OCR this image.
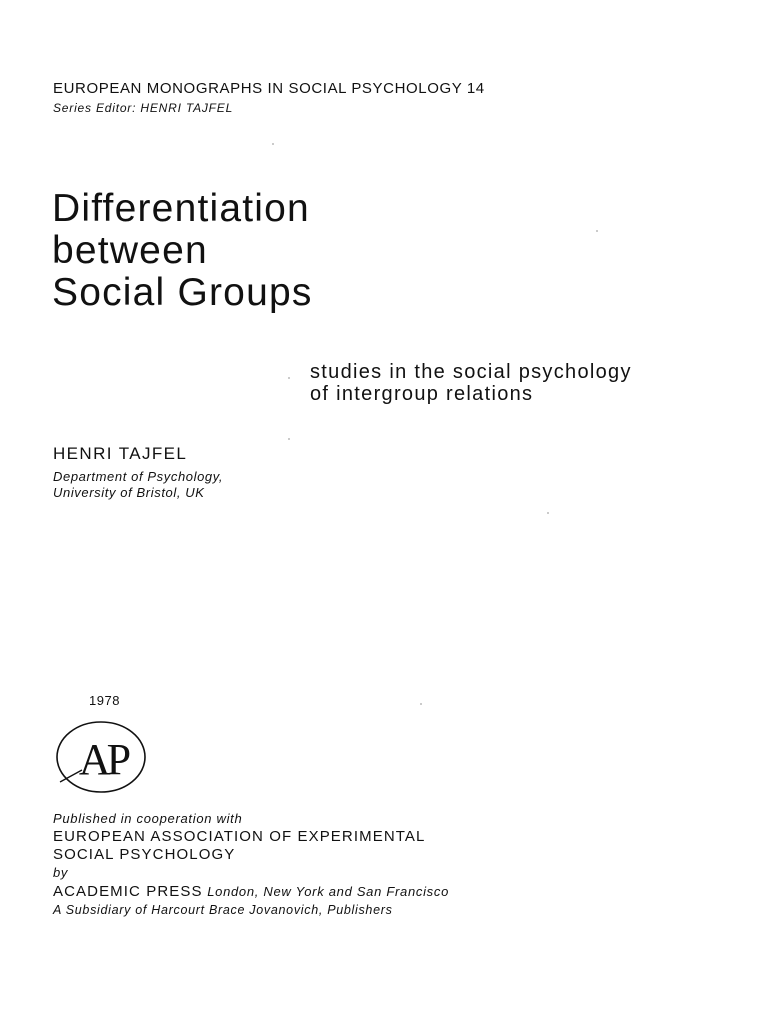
EUROPEAN MONOGRAPHS IN SOCIAL PSYCHOLOGY 14
Series Editor: HENRI TAJFEL
Differentiation
between
Social Groups
studies in the social psychology
of intergroup relations
HENRI TAJFEL
Department of Psychology,
University of Bristol, UK
1978
AP
Published in cooperation with
EUROPEAN ASSOCIATION OF EXPERIMENTAL
SOCIAL PSYCHOLOGY
by
ACADEMIC PRESS London, New York and San Francisco
A Subsidiary of Harcourt Brace Jovanovich, Publishers
